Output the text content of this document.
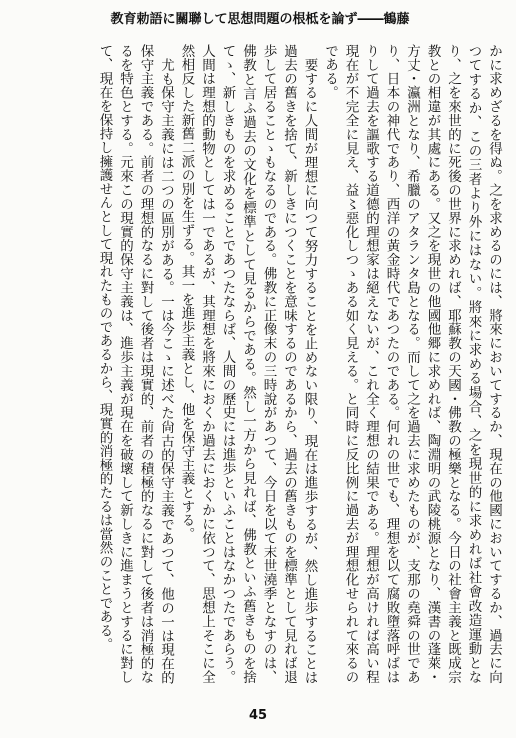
教育勅語に關聯して思想問題の根柢を論ず――鶴藤

かに求めざるを得ぬ。之を求めるのには、將來においてするか、現在の他國においてするか、過去に向つてするか、この三者より外にはない。將來に求める場合、之を現世的に求めれば社會改造運動となり、之を來世的に死後の世界に求めれば、耶蘇教の天國・佛教の極樂となる。今日の社會主義と既成宗教との相違が其處にある。又之を現世の他國他郷に求めれば、陶淵明の武陵桃源となり、漢書の蓬萊・方丈・瀛洲となり、希臘のアタランタ島となる。而して之を過去に求めたものが、支那の堯舜の世であり、日本の神代であり、西洋の黃金時代であつたのである。何れの世でも、理想を以て腐敗墮落呼ばはりして過去を謳歌する道德的理想家は絕えないが、これ全く理想の結果である。理想が高ければ高い程現在が不完全に見え、益〻惡化しつゝある如く見える。と同時に反比例に過去が理想化せられて來るのである。

要するに人間が理想に向つて努力することを止めない限り、現在は進歩するが、然し進歩することは過去の舊きを捨て、新しきにつくことを意味するのであるから、過去の舊きものを標準として見れば退歩して居ることゝもなるのである。佛教に正像末の三時說があつて、今日を以て末世澆季となすのは、佛教と言ふ過去の文化を標準として見るからである。然し一方から見れば、佛教といふ舊きものを捨てゝ、新しきものを求めることであつたならば、人間の歷史には進歩といふことはなかつたであらう。人間は理想的動物としては一であるが、其理想を將來におくか過去におくかに依つて、思想上そこに全然相反した新舊二派の別を生ずる。其一を進歩主義とし、他を保守主義とする。

尤も保守主義には二つの區別がある。一は今こゝに述べた尙古的保守主義であつて、他の一は現在的保守主義である。前者の理想的なるに對して後者は現實的、前者の積極的なるに對して後者は消極的なるを特色とする。元來この現實的保守主義は、進歩主義が現在を破壞して新しきに進まうとするに對して、現在を保持し擁護せんとして現れたものであるから、現實的消極的たるは當然のことである。

45
